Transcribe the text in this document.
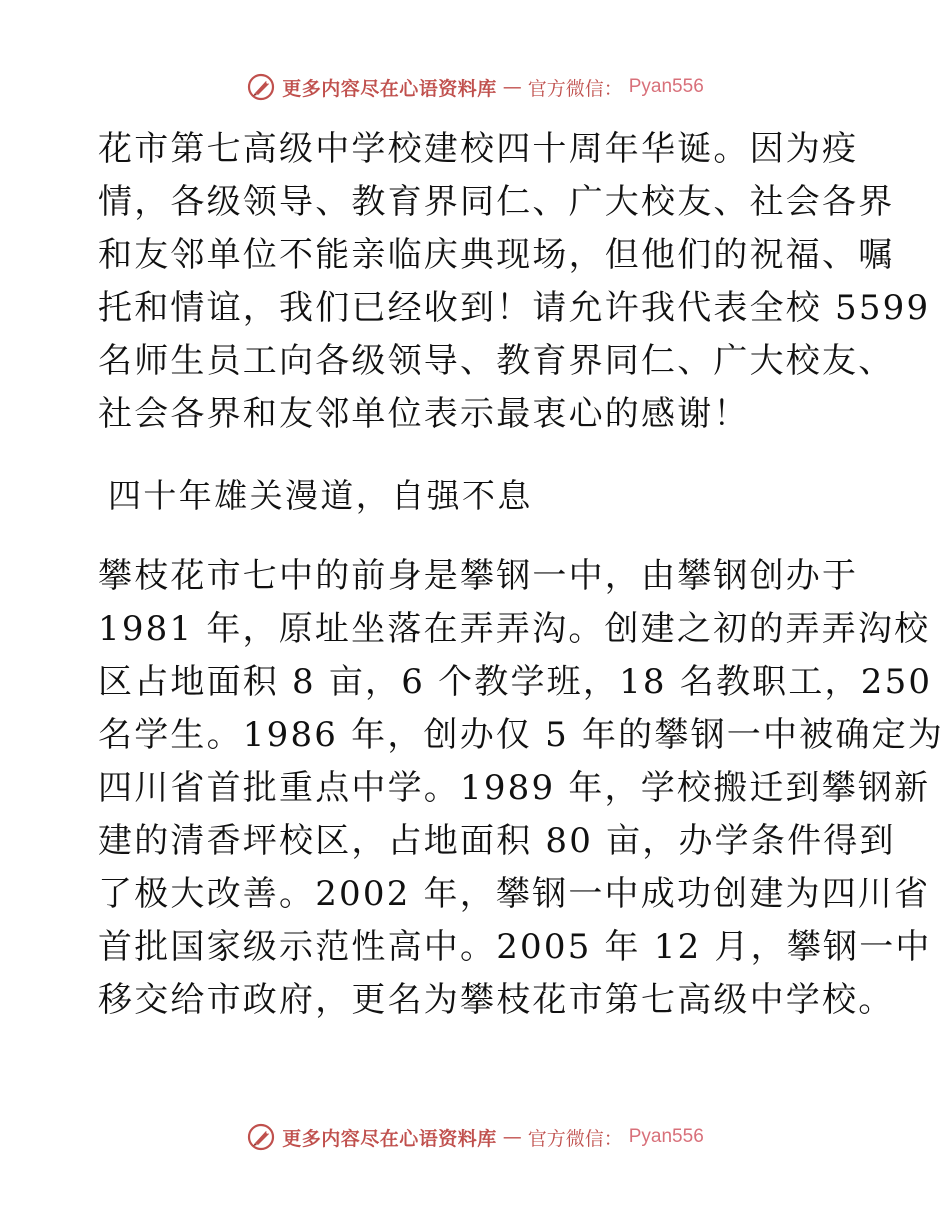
更多内容尽在心语资料库 — 官方微信： Pyan556
花市第七高级中学校建校四十周年华诞。因为疫
情，各级领导、教育界同仁、广大校友、社会各界
和友邻单位不能亲临庆典现场，但他们的祝福、嘱
托和情谊，我们已经收到！请允许我代表全校 5599
名师生员工向各级领导、教育界同仁、广大校友、
社会各界和友邻单位表示最衷心的感谢！
四十年雄关漫道，自强不息
攀枝花市七中的前身是攀钢一中，由攀钢创办于
1981 年，原址坐落在弄弄沟。创建之初的弄弄沟校
区占地面积 8 亩，6 个教学班，18 名教职工，250
名学生。1986 年，创办仅 5 年的攀钢一中被确定为
四川省首批重点中学。1989 年，学校搬迁到攀钢新
建的清香坪校区，占地面积 80 亩，办学条件得到
了极大改善。2002 年，攀钢一中成功创建为四川省
首批国家级示范性高中。2005 年 12 月，攀钢一中
移交给市政府，更名为攀枝花市第七高级中学校。
更多内容尽在心语资料库 — 官方微信： Pyan556
